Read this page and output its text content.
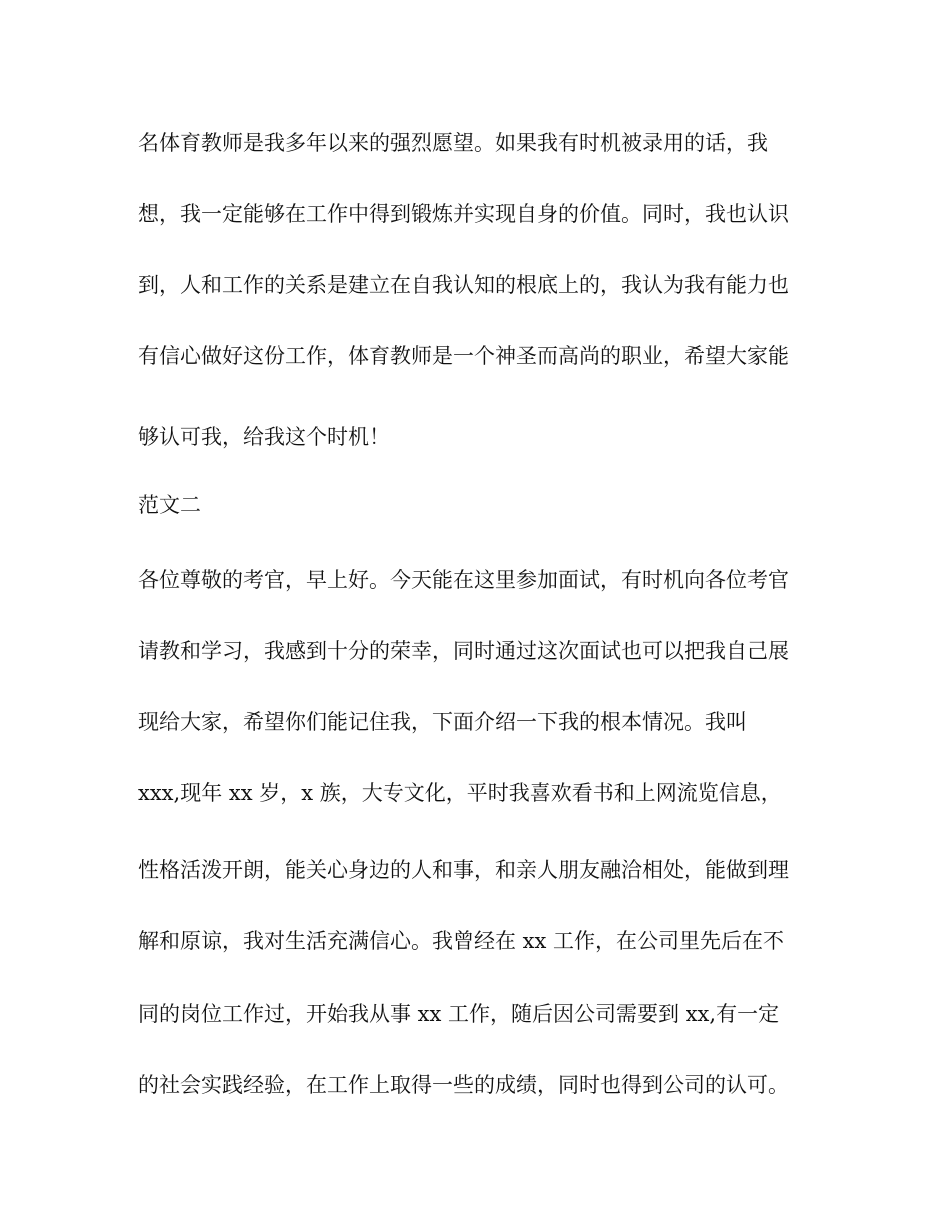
名体育教师是我多年以来的强烈愿望。如果我有时机被录用的话，我
想，我一定能够在工作中得到锻炼并实现自身的价值。同时，我也认识
到，人和工作的关系是建立在自我认知的根底上的，我认为我有能力也
有信心做好这份工作，体育教师是一个神圣而高尚的职业，希望大家能
够认可我，给我这个时机！
范文二
各位尊敬的考官，早上好。今天能在这里参加面试，有时机向各位考官
请教和学习，我感到十分的荣幸，同时通过这次面试也可以把我自己展
现给大家，希望你们能记住我，下面介绍一下我的根本情况。我叫
xxx,现年 xx 岁，x 族，大专文化，平时我喜欢看书和上网流览信息，
性格活泼开朗，能关心身边的人和事，和亲人朋友融洽相处，能做到理
解和原谅，我对生活充满信心。我曾经在 xx 工作，在公司里先后在不
同的岗位工作过，开始我从事 xx 工作，随后因公司需要到 xx,有一定
的社会实践经验，在工作上取得一些的成绩，同时也得到公司的认可。
